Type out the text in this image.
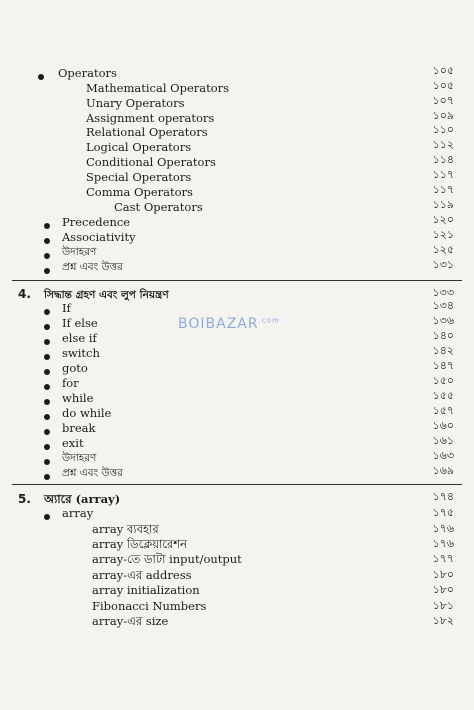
$BOIBAZAR^{.com}$
Operators	১০৫
Mathematical Operators	১০৫
Unary Operators	১০৭
Assignment operators	১০৯
Relational Operators	১১০
Logical Operators	১১২
Conditional Operators	১১৪
Special Operators	১১৭
Comma Operators	১১৭
Cast Operators	১১৯
Precedence	১২০
Associativity	১২১
উদাহরণ	১২৫
প্রশ্ন এবং উত্তর	১৩১
4. সিদ্ধান্ত গ্রহণ এবং লুপ নিয়ন্ত্রণ	১৩৩
If	১৩৪
If else	১৩৬
else if	১৪০
switch	১৪২
goto	১৪৭
for	১৫০
while	১৫৫
do while	১৫৭
break	১৬০
exit	১৬১
উদাহরণ	১৬৩
প্রশ্ন এবং উত্তর	১৬৯
5. অ্যারে (array)	১৭৪
array	১৭৫
array ব্যবহার	১৭৬
array ডিক্লেয়ারেশন	১৭৬
array-তে ডাটা input/output	১৭৭
array-এর address	১৮০
array initialization	১৮০
Fibonacci Numbers	১৮১
array-এর size	১৮২
